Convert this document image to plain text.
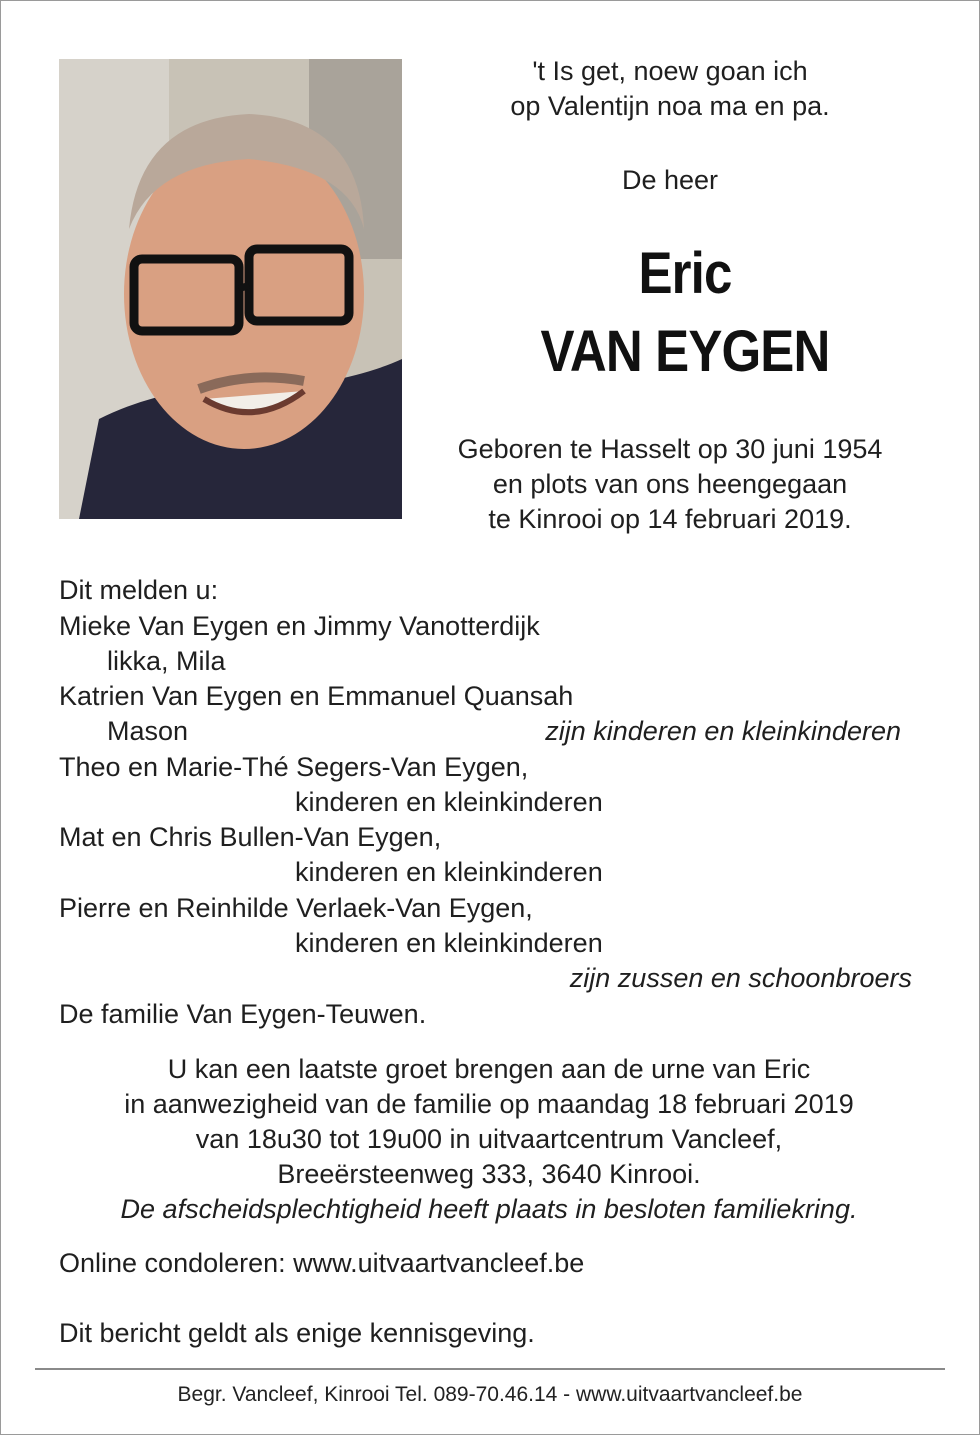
't Is get, noew goan ich
op Valentijn noa ma en pa.
De heer
Eric
VAN EYGEN
Geboren te Hasselt op 30 juni 1954
en plots van ons heengegaan
te Kinrooi op 14 februari 2019.
Dit melden u:
Mieke Van Eygen en Jimmy Vanotterdijk
likka, Mila
Katrien Van Eygen en Emmanuel Quansah
Mason	zijn kinderen en kleinkinderen
Theo en Marie-Thé Segers-Van Eygen,
kinderen en kleinkinderen
Mat en Chris Bullen-Van Eygen,
kinderen en kleinkinderen
Pierre en Reinhilde Verlaek-Van Eygen,
kinderen en kleinkinderen
zijn zussen en schoonbroers
De familie Van Eygen-Teuwen.
U kan een laatste groet brengen aan de urne van Eric
in aanwezigheid van de familie op maandag 18 februari 2019
van 18u30 tot 19u00 in uitvaartcentrum Vancleef,
Breeërsteenweg 333, 3640 Kinrooi.
De afscheidsplechtigheid heeft plaats in besloten familiekring.
Online condoleren: www.uitvaartvancleef.be
Dit bericht geldt als enige kennisgeving.
Begr. Vancleef, Kinrooi Tel. 089-70.46.14 - www.uitvaartvancleef.be
